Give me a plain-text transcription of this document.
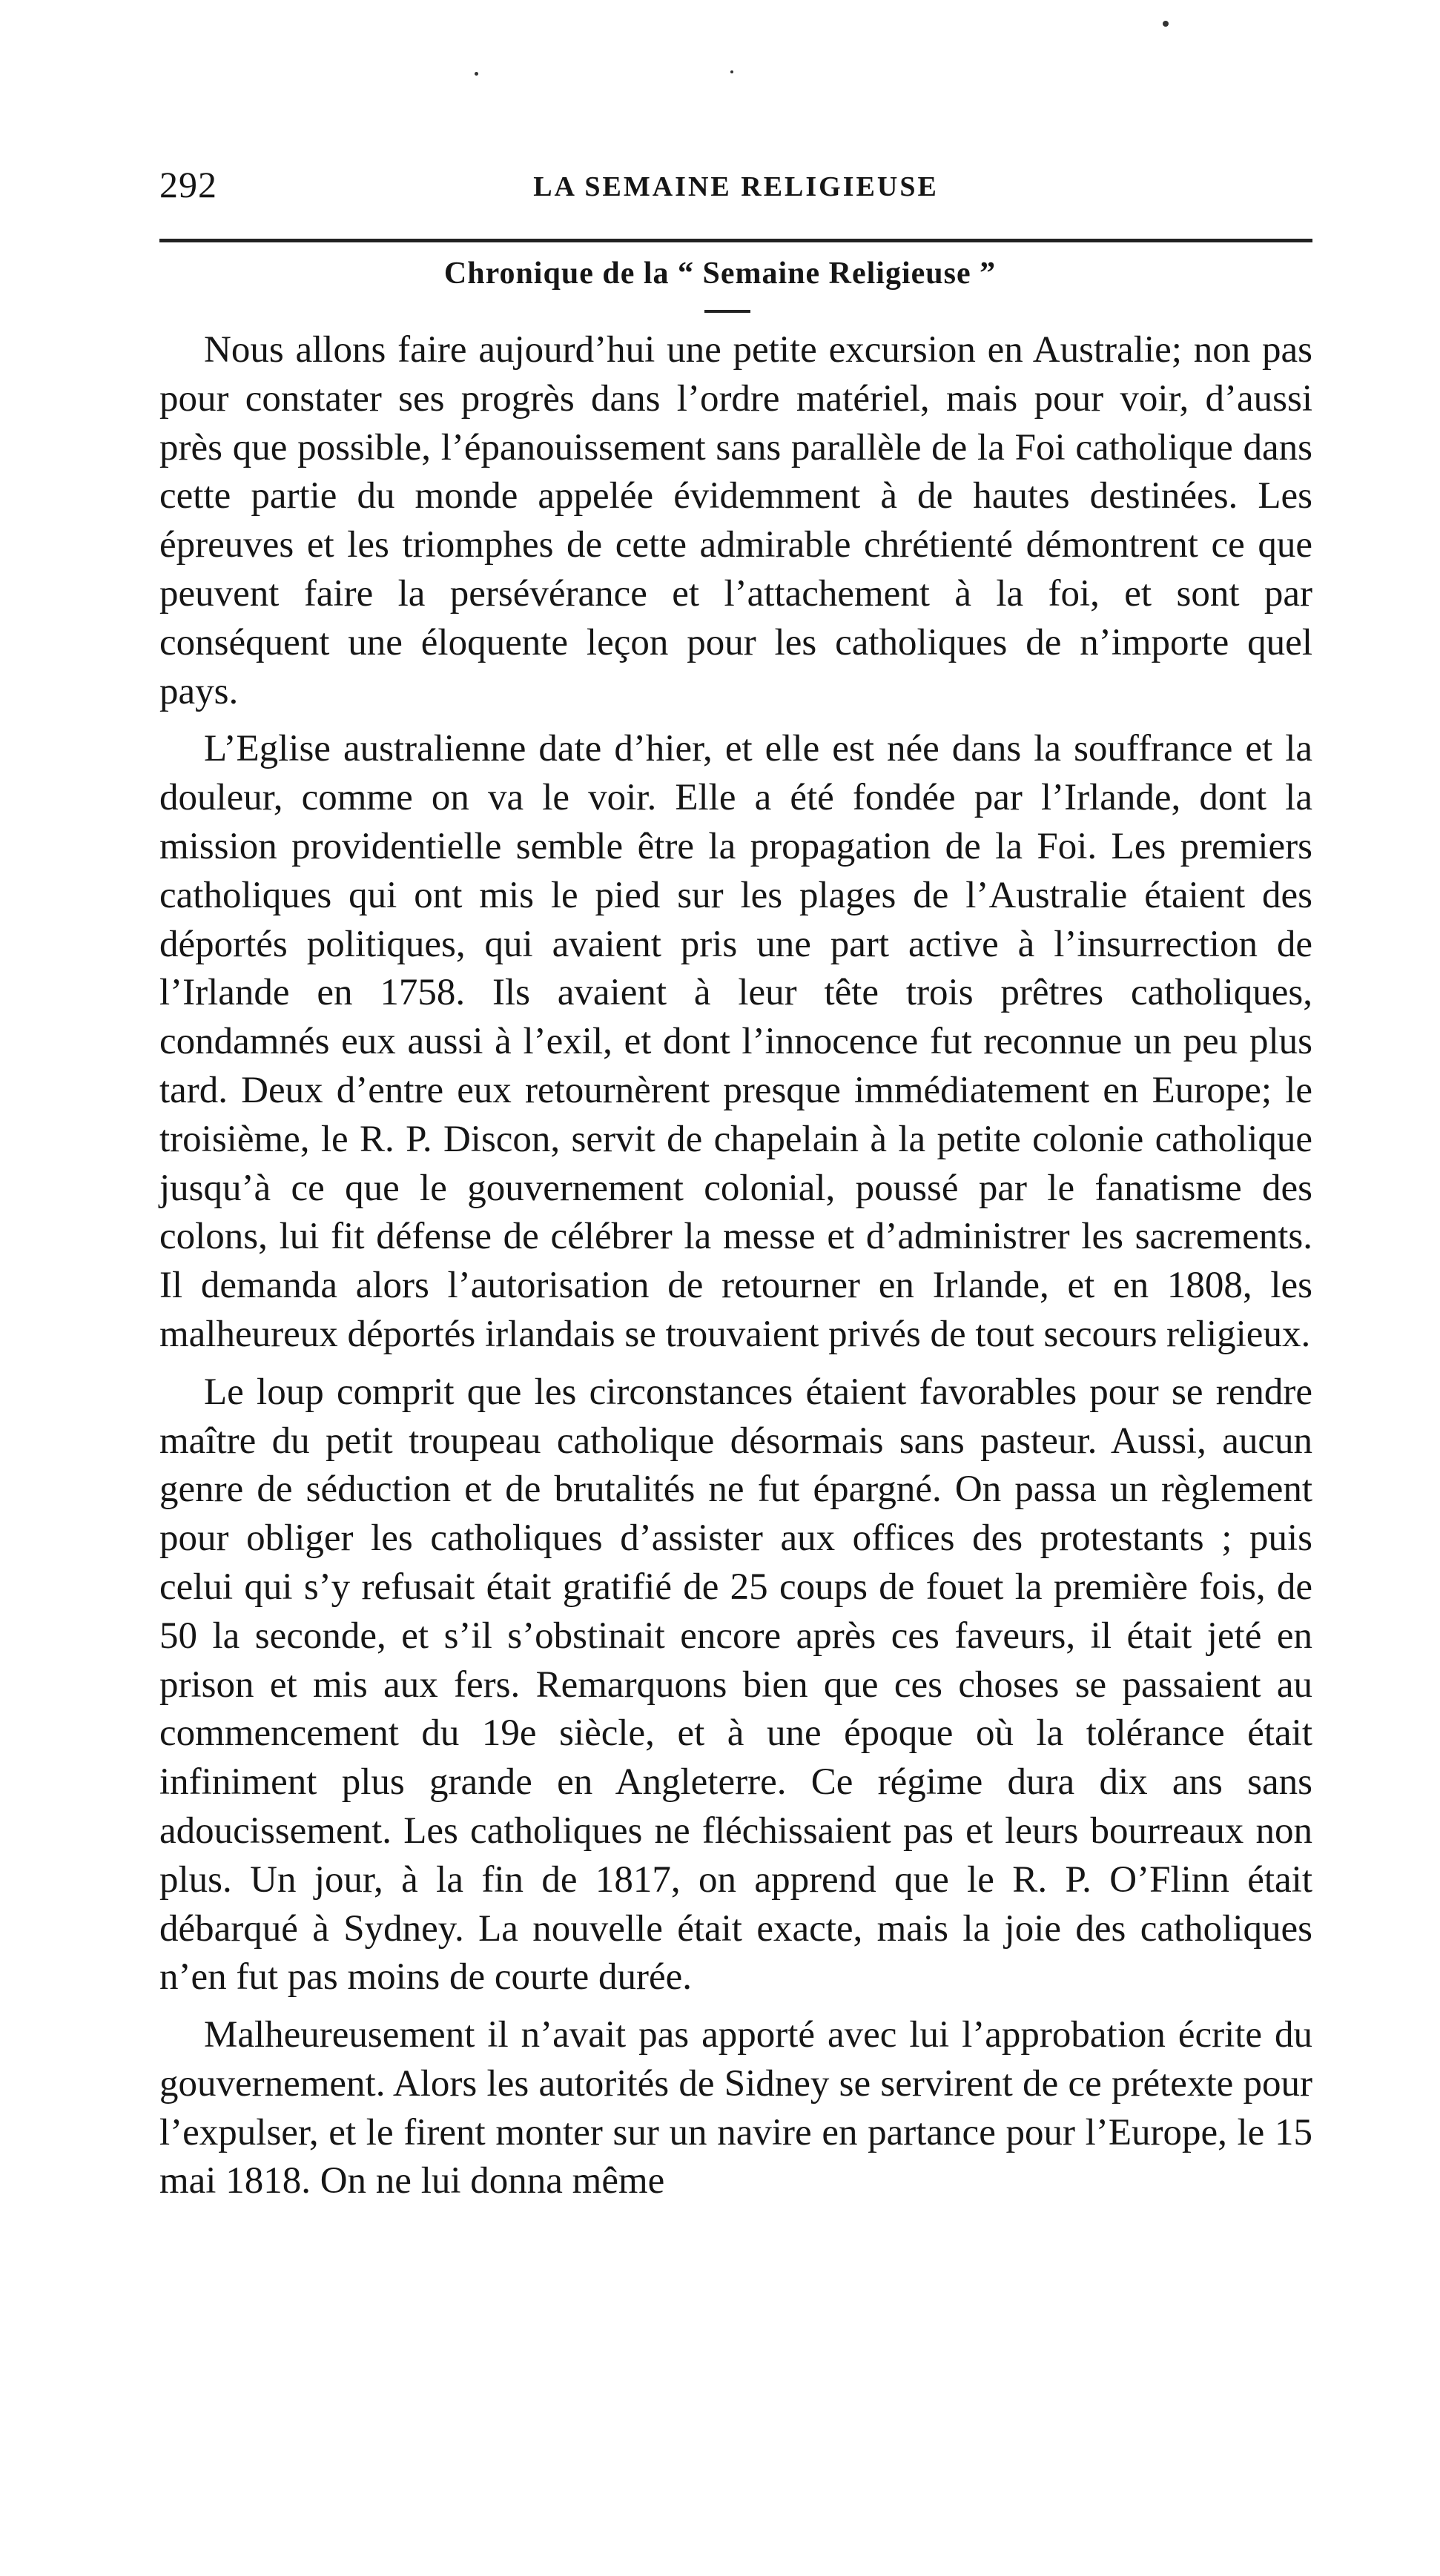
292	LA SEMAINE RELIGIEUSE
Chronique de la “ Semaine Religieuse ”

Nous allons faire aujourd’hui une petite excursion en Australie; non pas pour constater ses progrès dans l’ordre matériel, mais pour voir, d’aussi près que possible, l’épanouissement sans parallèle de la Foi catholique dans cette partie du monde appelée évidemment à de hautes destinées. Les épreuves et les triomphes de cette admirable chrétienté démontrent ce que peuvent faire la persévérance et l’attachement à la foi, et sont par conséquent une éloquente leçon pour les catholiques de n’importe quel pays.

L’Eglise australienne date d’hier, et elle est née dans la souffrance et la douleur, comme on va le voir. Elle a été fondée par l’Irlande, dont la mission providentielle semble être la propagation de la Foi. Les premiers catholiques qui ont mis le pied sur les plages de l’Australie étaient des déportés politiques, qui avaient pris une part active à l’insurrection de l’Irlande en 1758. Ils avaient à leur tête trois prêtres catholiques, condamnés eux aussi à l’exil, et dont l’innocence fut reconnue un peu plus tard. Deux d’entre eux retournèrent presque immédiatement en Europe; le troisième, le R. P. Discon, servit de chapelain à la petite colonie catholique jusqu’à ce que le gouvernement colonial, poussé par le fanatisme des colons, lui fit défense de célébrer la messe et d’administrer les sacrements. Il demanda alors l’autorisation de retourner en Irlande, et en 1808, les malheureux déportés irlandais se trouvaient privés de tout secours religieux.

Le loup comprit que les circonstances étaient favorables pour se rendre maître du petit troupeau catholique désormais sans pasteur. Aussi, aucun genre de séduction et de brutalités ne fut épargné. On passa un règlement pour obliger les catholiques d’assister aux offices des protestants ; puis celui qui s’y refusait était gratifié de 25 coups de fouet la première fois, de 50 la seconde, et s’il s’obstinait encore après ces faveurs, il était jeté en prison et mis aux fers. Remarquons bien que ces choses se passaient au commencement du 19e siècle, et à une époque où la tolérance était infiniment plus grande en Angleterre. Ce régime dura dix ans sans adoucissement. Les catholiques ne fléchissaient pas et leurs bourreaux non plus. Un jour, à la fin de 1817, on apprend que le R. P. O’Flinn était débarqué à Sydney. La nouvelle était exacte, mais la joie des catholiques n’en fut pas moins de courte durée.

Malheureusement il n’avait pas apporté avec lui l’approbation écrite du gouvernement. Alors les autorités de Sidney se servirent de ce prétexte pour l’expulser, et le firent monter sur un navire en partance pour l’Europe, le 15 mai 1818. On ne lui donna même
